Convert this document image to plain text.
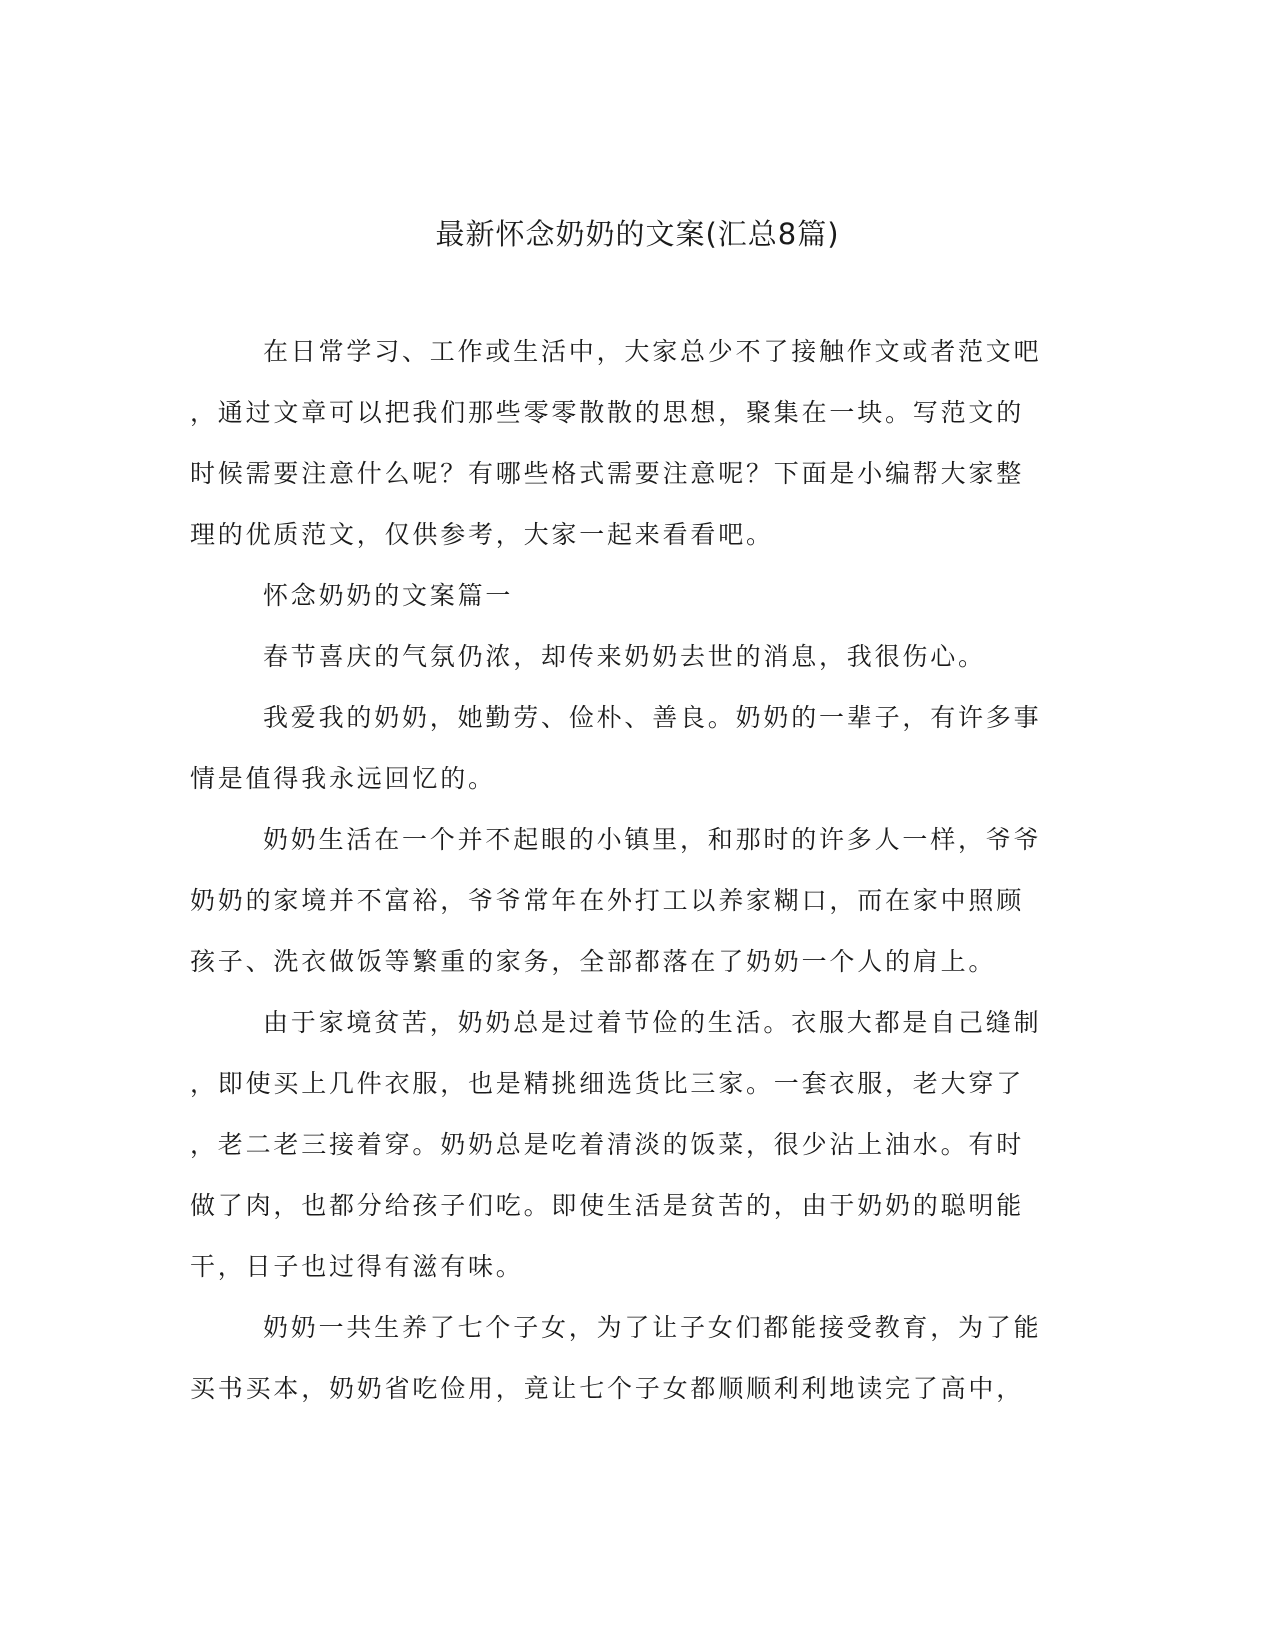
最新怀念奶奶的文案(汇总8篇)
在日常学习、工作或生活中，大家总少不了接触作文或者范文吧
，通过文章可以把我们那些零零散散的思想，聚集在一块。写范文的
时候需要注意什么呢？有哪些格式需要注意呢？下面是小编帮大家整
理的优质范文，仅供参考，大家一起来看看吧。
怀念奶奶的文案篇一
春节喜庆的气氛仍浓，却传来奶奶去世的消息，我很伤心。
我爱我的奶奶，她勤劳、俭朴、善良。奶奶的一辈子，有许多事
情是值得我永远回忆的。
奶奶生活在一个并不起眼的小镇里，和那时的许多人一样，爷爷
奶奶的家境并不富裕，爷爷常年在外打工以养家糊口，而在家中照顾
孩子、洗衣做饭等繁重的家务，全部都落在了奶奶一个人的肩上。
由于家境贫苦，奶奶总是过着节俭的生活。衣服大都是自己缝制
，即使买上几件衣服，也是精挑细选货比三家。一套衣服，老大穿了
，老二老三接着穿。奶奶总是吃着清淡的饭菜，很少沾上油水。有时
做了肉，也都分给孩子们吃。即使生活是贫苦的，由于奶奶的聪明能
干，日子也过得有滋有味。
奶奶一共生养了七个子女，为了让子女们都能接受教育，为了能
买书买本，奶奶省吃俭用，竟让七个子女都顺顺利利地读完了高中，
